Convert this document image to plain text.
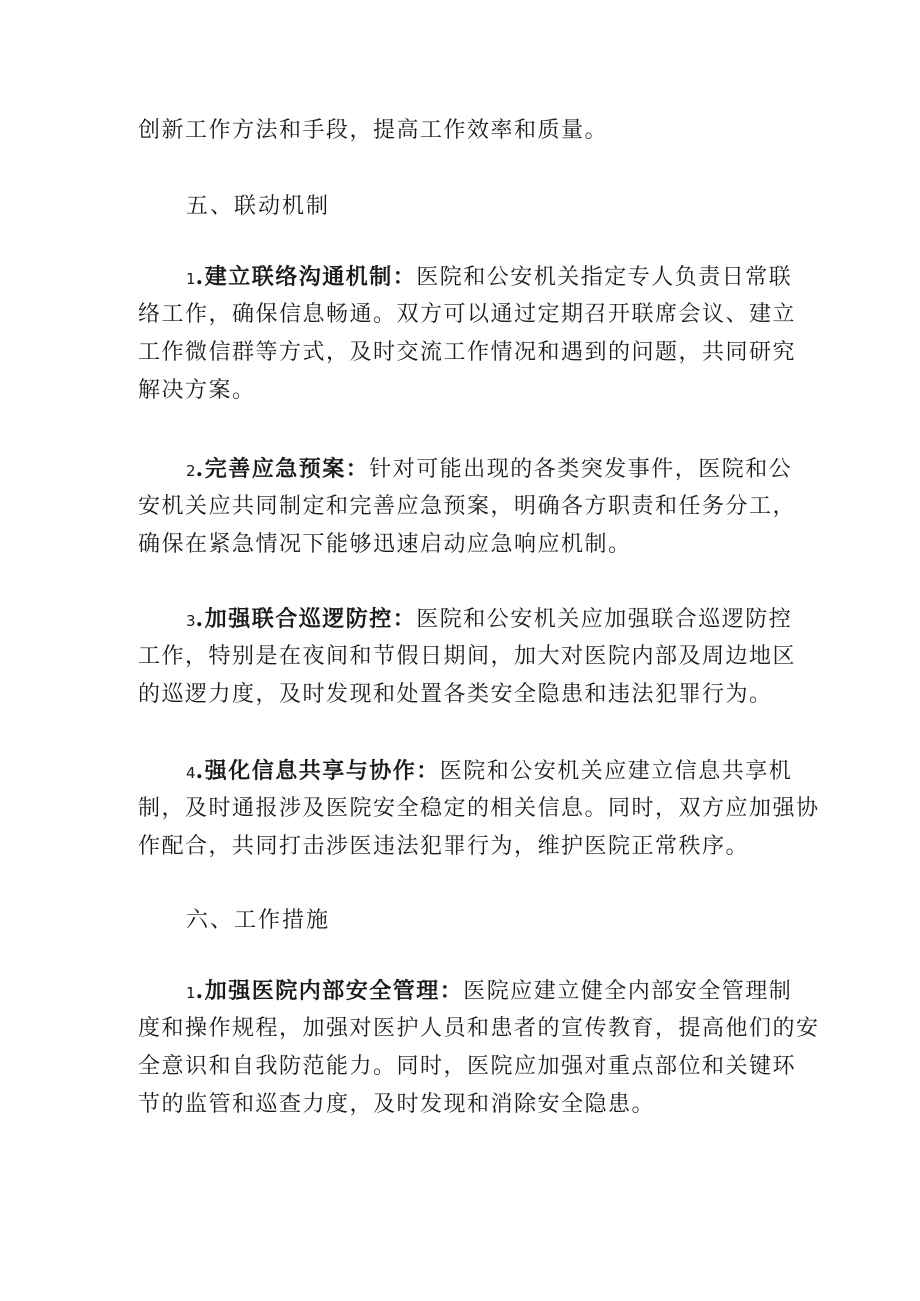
创新工作方法和手段，提高工作效率和质量。
五、联动机制
1.建立联络沟通机制：医院和公安机关指定专人负责日常联
络工作，确保信息畅通。双方可以通过定期召开联席会议、建立
工作微信群等方式，及时交流工作情况和遇到的问题，共同研究
解决方案。
2.完善应急预案：针对可能出现的各类突发事件，医院和公
安机关应共同制定和完善应急预案，明确各方职责和任务分工，
确保在紧急情况下能够迅速启动应急响应机制。
3.加强联合巡逻防控：医院和公安机关应加强联合巡逻防控
工作，特别是在夜间和节假日期间，加大对医院内部及周边地区
的巡逻力度，及时发现和处置各类安全隐患和违法犯罪行为。
4.强化信息共享与协作：医院和公安机关应建立信息共享机
制，及时通报涉及医院安全稳定的相关信息。同时，双方应加强协
作配合，共同打击涉医违法犯罪行为，维护医院正常秩序。
六、工作措施
1.加强医院内部安全管理：医院应建立健全内部安全管理制
度和操作规程，加强对医护人员和患者的宣传教育，提高他们的安
全意识和自我防范能力。同时，医院应加强对重点部位和关键环
节的监管和巡查力度，及时发现和消除安全隐患。
